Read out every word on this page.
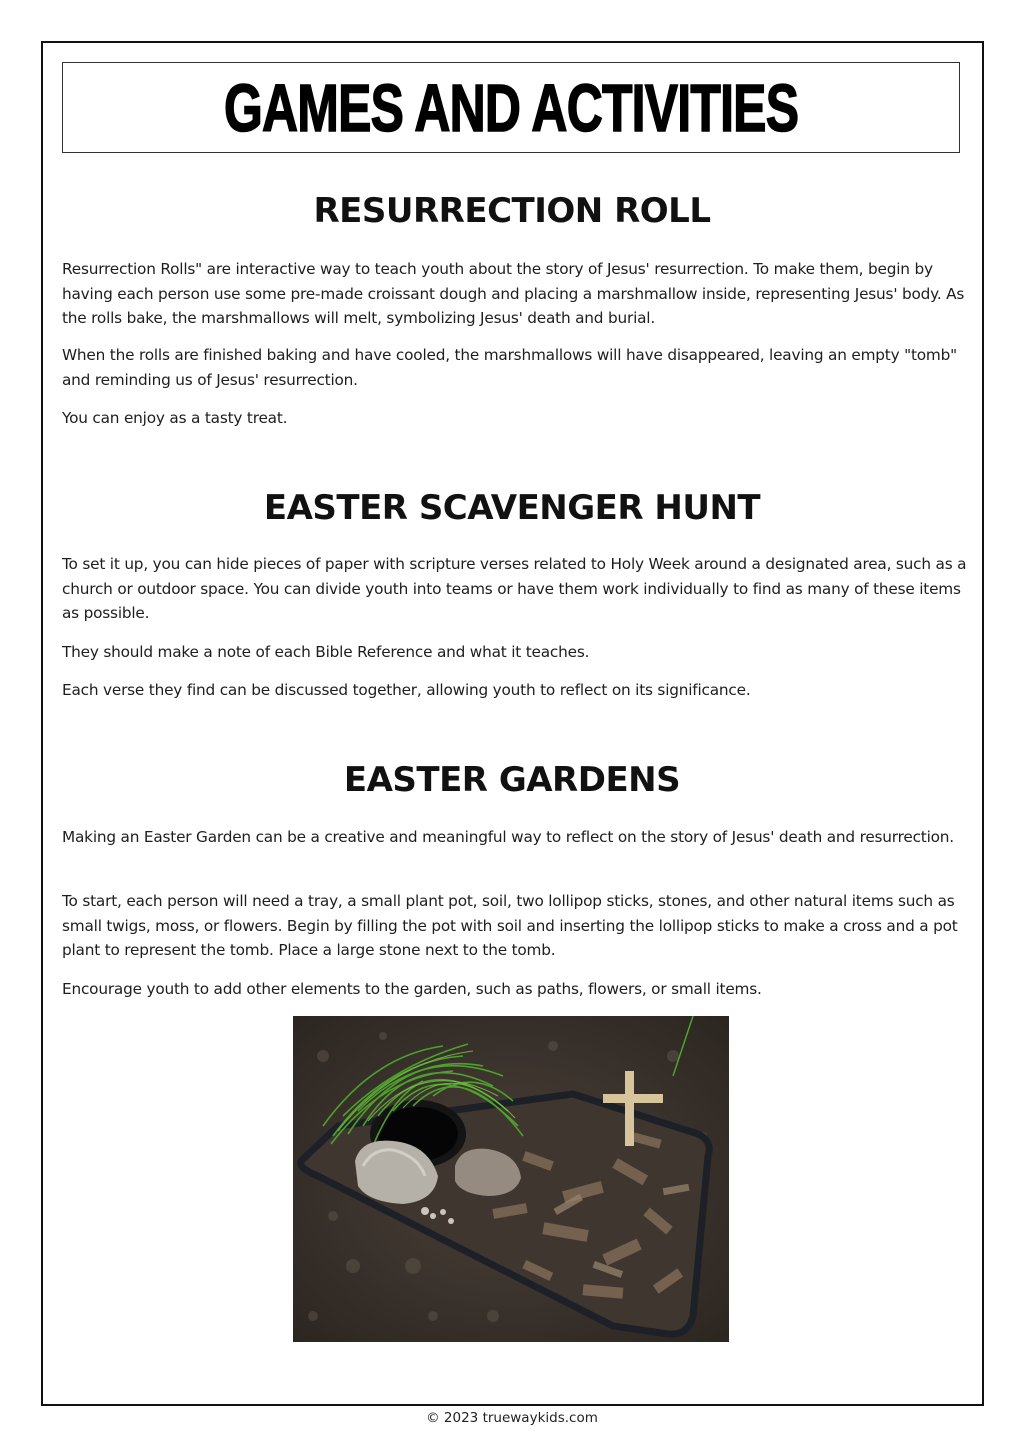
GAMES AND ACTIVITIES
RESURRECTION ROLL

Resurrection Rolls" are interactive way to teach youth about the story of Jesus' resurrection. To make them, begin by having each person use some pre-made croissant dough and placing a marshmallow inside, representing Jesus' body. As the rolls bake, the marshmallows will melt, symbolizing Jesus' death and burial.

When the rolls are finished baking and have cooled, the marshmallows will have disappeared, leaving an empty "tomb" and reminding us of Jesus' resurrection.

You can enjoy as a tasty treat.

EASTER SCAVENGER HUNT

To set it up, you can hide pieces of paper with scripture verses related to Holy Week around a designated area, such as a church or outdoor space. You can divide youth into teams or have them work individually to find as many of these items as possible.

They should make a note of each Bible Reference and what it teaches.

Each verse they find can be discussed together, allowing youth to reflect on its significance.

EASTER GARDENS

Making an Easter Garden can be a creative and meaningful way to reflect on the story of Jesus' death and resurrection.

To start, each person will need a tray, a small plant pot, soil, two lollipop sticks, stones, and other natural items such as small twigs, moss, or flowers. Begin by filling the pot with soil and inserting the lollipop sticks to make a cross and a pot plant to represent the tomb. Place a large stone next to the tomb.

Encourage youth to add other elements to the garden, such as paths, flowers, or small items.

© 2023 truewaykids.com
